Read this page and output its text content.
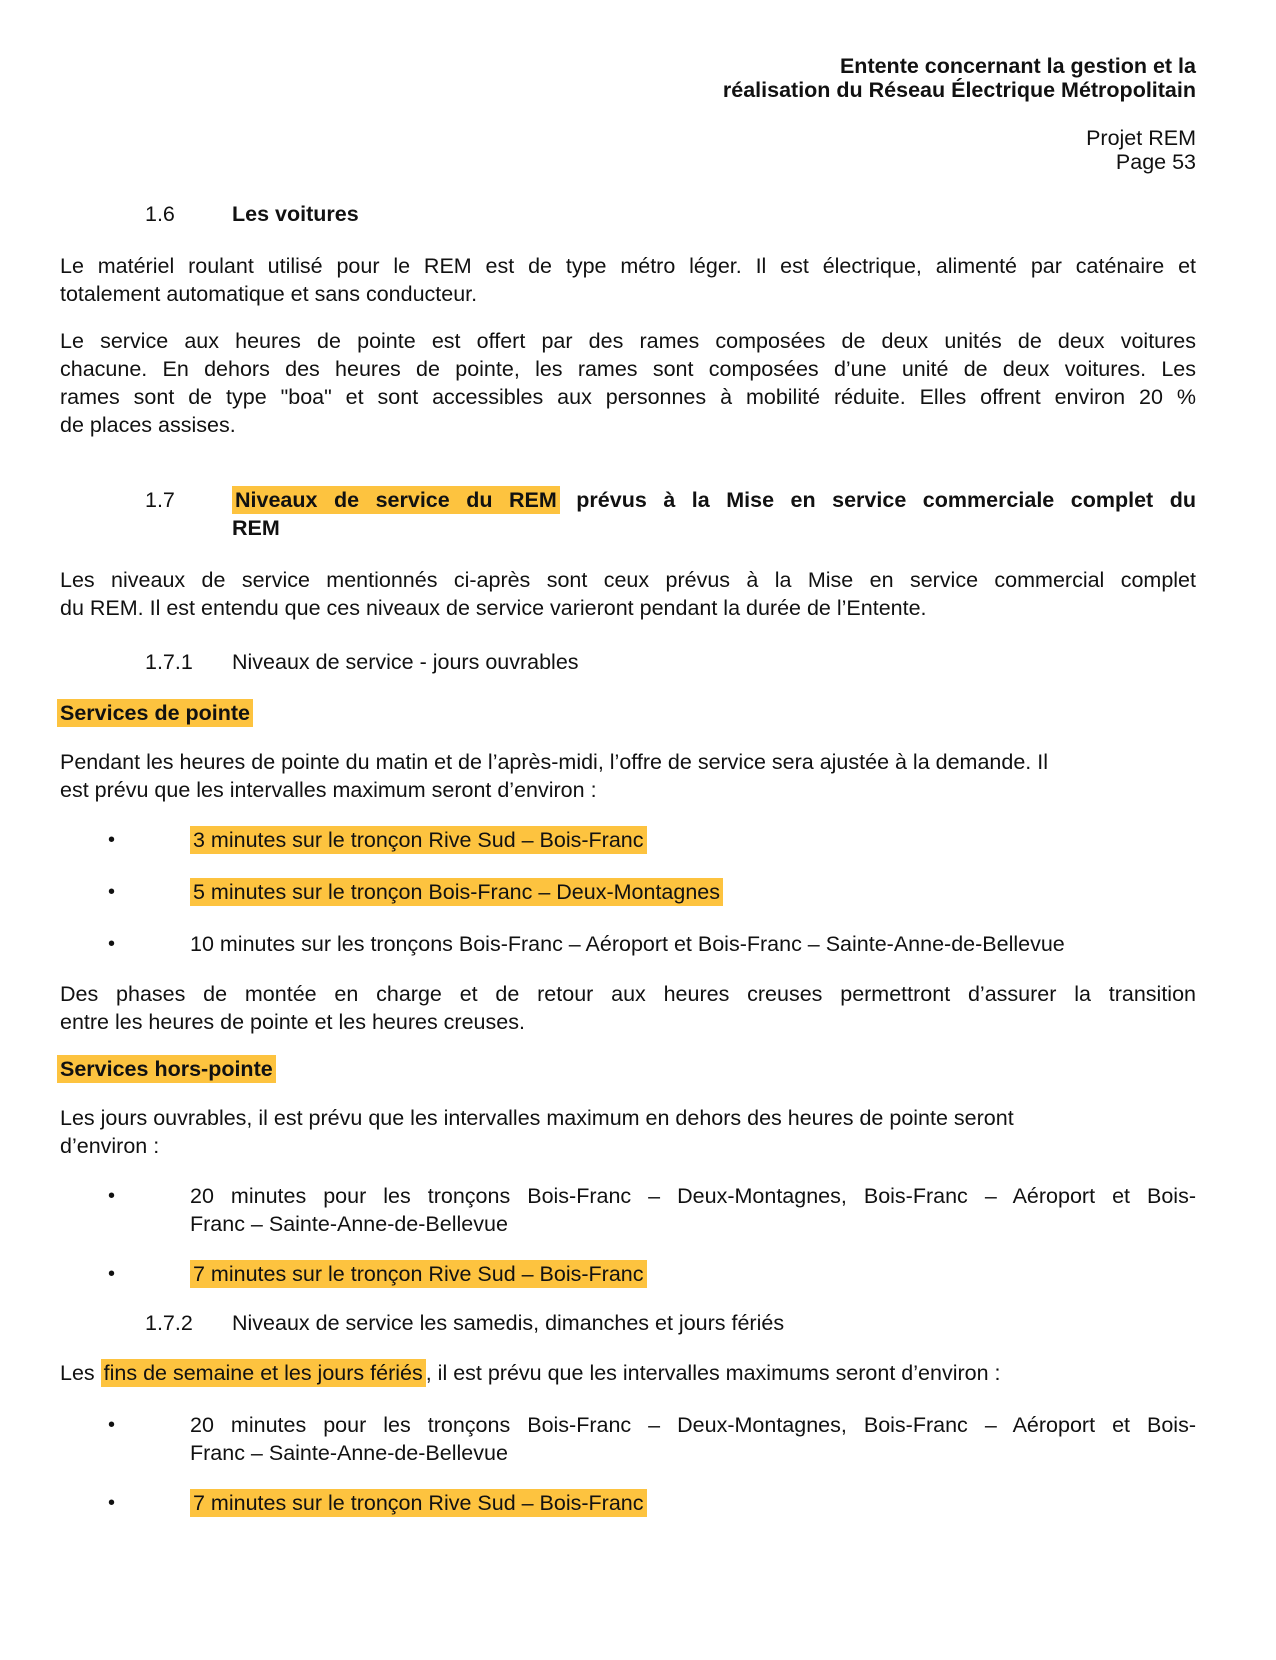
Entente concernant la gestion et la
réalisation du Réseau Électrique Métropolitain
Projet REM
Page 53
1.6	Les voitures
Le matériel roulant utilisé pour le REM est de type métro léger. Il est électrique, alimenté par caténaire et
totalement automatique et sans conducteur.
Le service aux heures de pointe est offert par des rames composées de deux unités de deux voitures
chacune. En dehors des heures de pointe, les rames sont composées d’une unité de deux voitures. Les
rames sont de type "boa" et sont accessibles aux personnes à mobilité réduite. Elles offrent environ 20 %
de places assises.
1.7	Niveaux de service du REM prévus à la Mise en service commerciale complet du
REM
Les niveaux de service mentionnés ci-après sont ceux prévus à la Mise en service commercial complet
du REM. Il est entendu que ces niveaux de service varieront pendant la durée de l’Entente.
1.7.1 Niveaux de service - jours ouvrables
Services de pointe
Pendant les heures de pointe du matin et de l’après-midi, l’offre de service sera ajustée à la demande. Il
est prévu que les intervalles maximum seront d’environ :
•	3 minutes sur le tronçon Rive Sud – Bois-Franc
•	5 minutes sur le tronçon Bois-Franc – Deux-Montagnes
•	10 minutes sur les tronçons Bois-Franc – Aéroport et Bois-Franc – Sainte-Anne-de-Bellevue
Des phases de montée en charge et de retour aux heures creuses permettront d’assurer la transition
entre les heures de pointe et les heures creuses.
Services hors-pointe
Les jours ouvrables, il est prévu que les intervalles maximum en dehors des heures de pointe seront
d’environ :
•	20 minutes pour les tronçons Bois-Franc – Deux-Montagnes, Bois-Franc – Aéroport et Bois-
Franc – Sainte-Anne-de-Bellevue
•	7 minutes sur le tronçon Rive Sud – Bois-Franc
1.7.2 Niveaux de service les samedis, dimanches et jours fériés
Les fins de semaine et les jours fériés , il est prévu que les intervalles maximums seront d’environ :
•	20 minutes pour les tronçons Bois-Franc – Deux-Montagnes, Bois-Franc – Aéroport et Bois-
Franc – Sainte-Anne-de-Bellevue
•	7 minutes sur le tronçon Rive Sud – Bois-Franc
